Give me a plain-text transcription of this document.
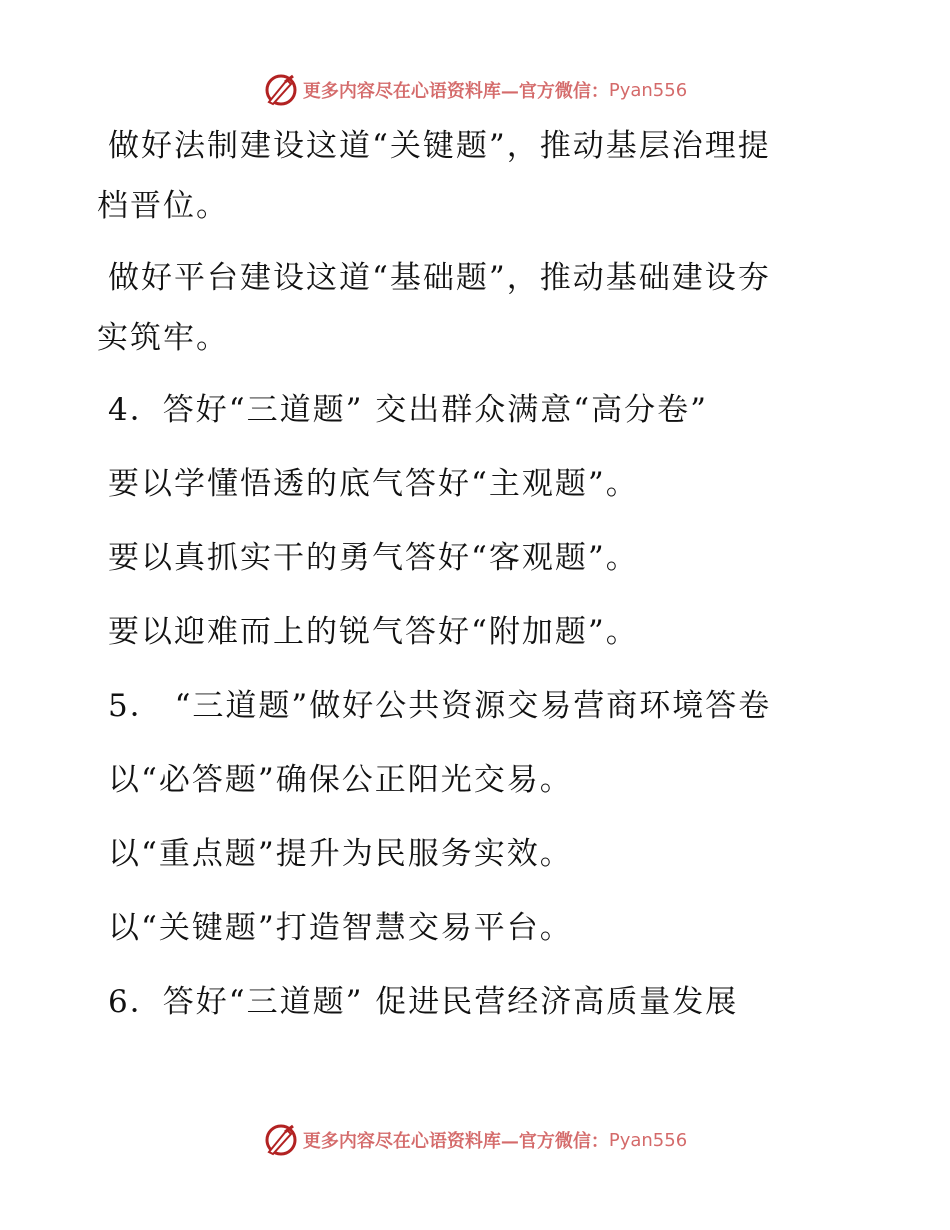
更多内容尽在心语资料库—官方微信： Pyan556
做好法制建设这道“关键题”，推动基层治理提
档晋位。
做好平台建设这道“基础题”，推动基础建设夯
实筑牢。
4．答好“三道题” 交出群众满意“高分卷”
要以学懂悟透的底气答好“主观题”。
要以真抓实干的勇气答好“客观题”。
要以迎难而上的锐气答好“附加题”。
5． “三道题”做好公共资源交易营商环境答卷
以“必答题”确保公正阳光交易。
以“重点题”提升为民服务实效。
以“关键题”打造智慧交易平台。
6．答好“三道题” 促进民营经济高质量发展
更多内容尽在心语资料库—官方微信： Pyan556
